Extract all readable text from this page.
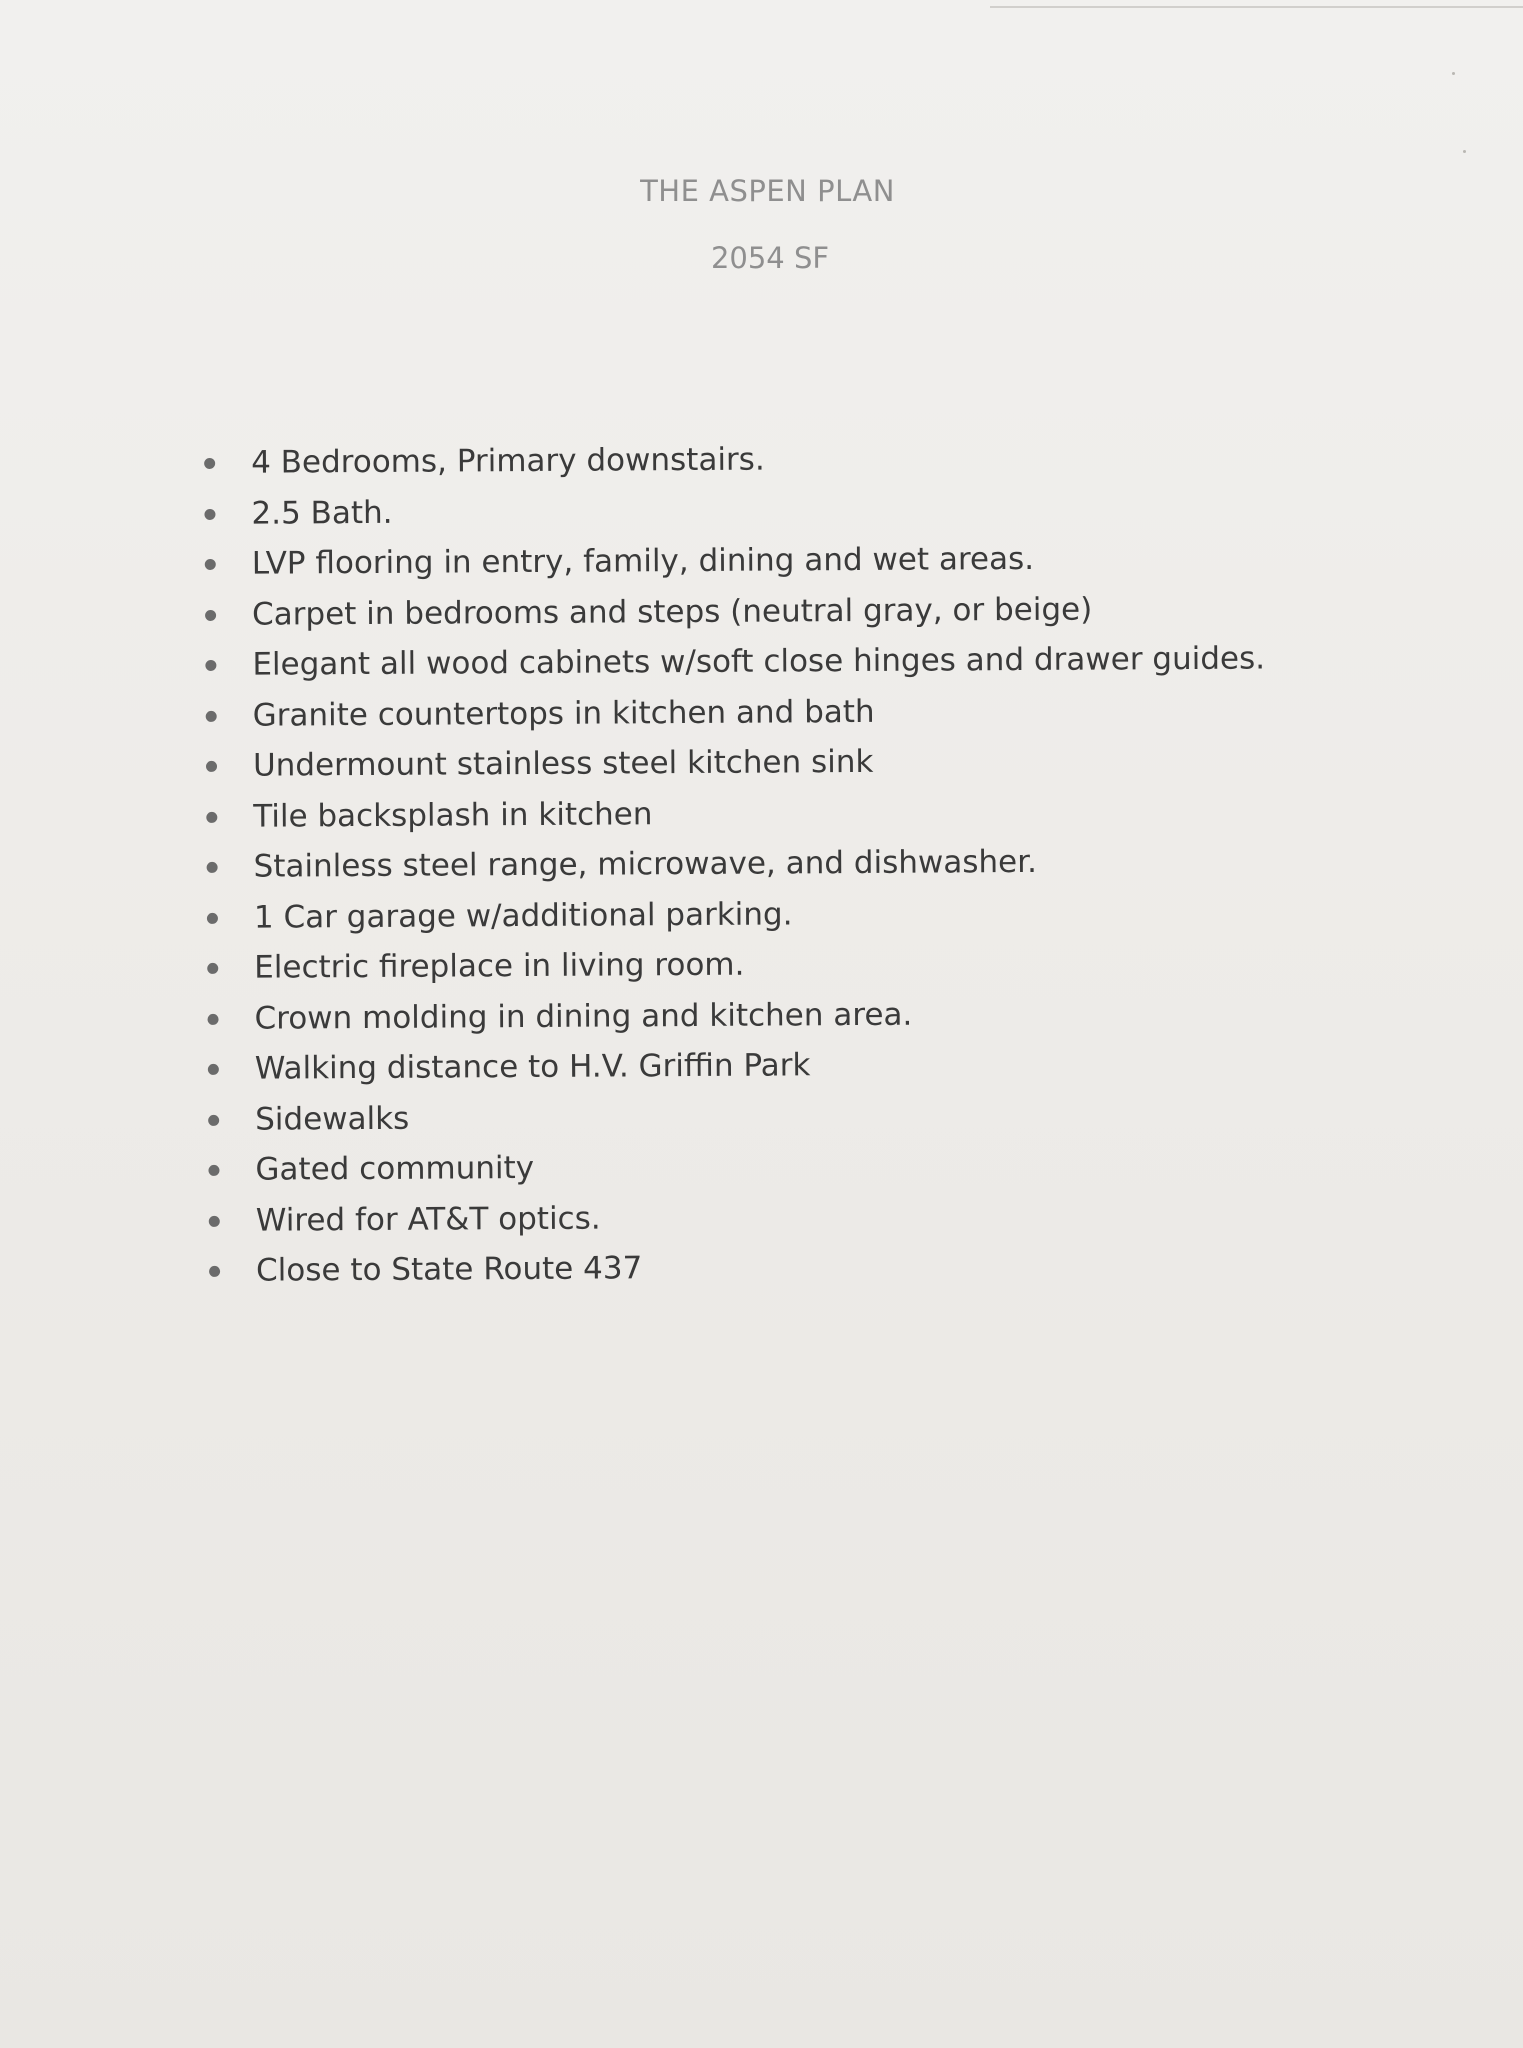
THE ASPEN PLAN
2054 SF
4 Bedrooms, Primary downstairs.
2.5 Bath.
LVP flooring in entry, family, dining and wet areas.
Carpet in bedrooms and steps (neutral gray, or beige)
Elegant all wood cabinets w/soft close hinges and drawer guides.
Granite countertops in kitchen and bath
Undermount stainless steel kitchen sink
Tile backsplash in kitchen
Stainless steel range, microwave, and dishwasher.
1 Car garage w/additional parking.
Electric fireplace in living room.
Crown molding in dining and kitchen area.
Walking distance to H.V. Griffin Park
Sidewalks
Gated community
Wired for AT&T optics.
Close to State Route 437
